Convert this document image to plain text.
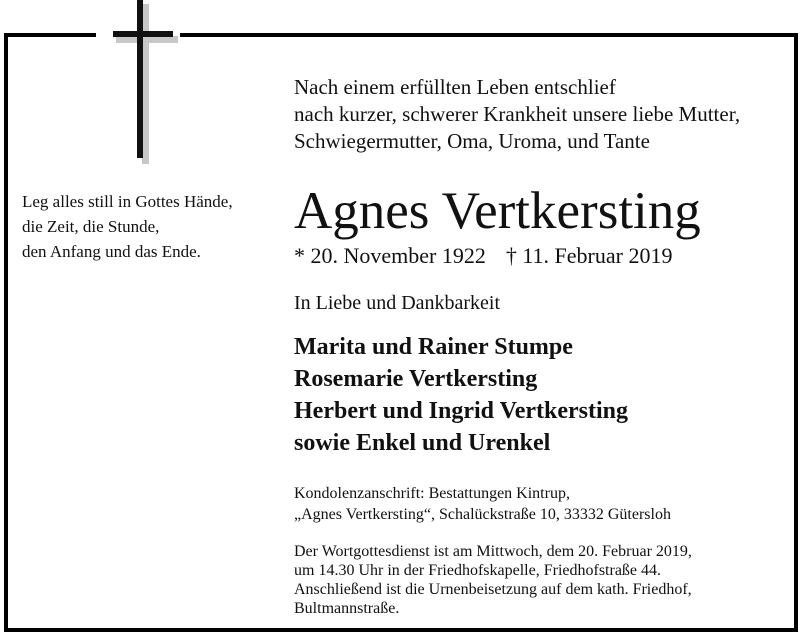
Leg alles still in Gottes Hände,
die Zeit, die Stunde,
den Anfang und das Ende.
Nach einem erfüllten Leben entschlief
nach kurzer, schwerer Krankheit unsere liebe Mutter,
Schwiegermutter, Oma, Uroma, und Tante
Agnes Vertkersting
* 20. November 1922 † 11. Februar 2019
In Liebe und Dankbarkeit
Marita und Rainer Stumpe
Rosemarie Vertkersting
Herbert und Ingrid Vertkersting
sowie Enkel und Urenkel
Kondolenzanschrift: Bestattungen Kintrup,
„Agnes Vertkersting“, Schalückstraße 10, 33332 Gütersloh
Der Wortgottesdienst ist am Mittwoch, dem 20. Februar 2019,
um 14.30 Uhr in der Friedhofskapelle, Friedhofstraße 44.
Anschließend ist die Urnenbeisetzung auf dem kath. Friedhof,
Bultmannstraße.
